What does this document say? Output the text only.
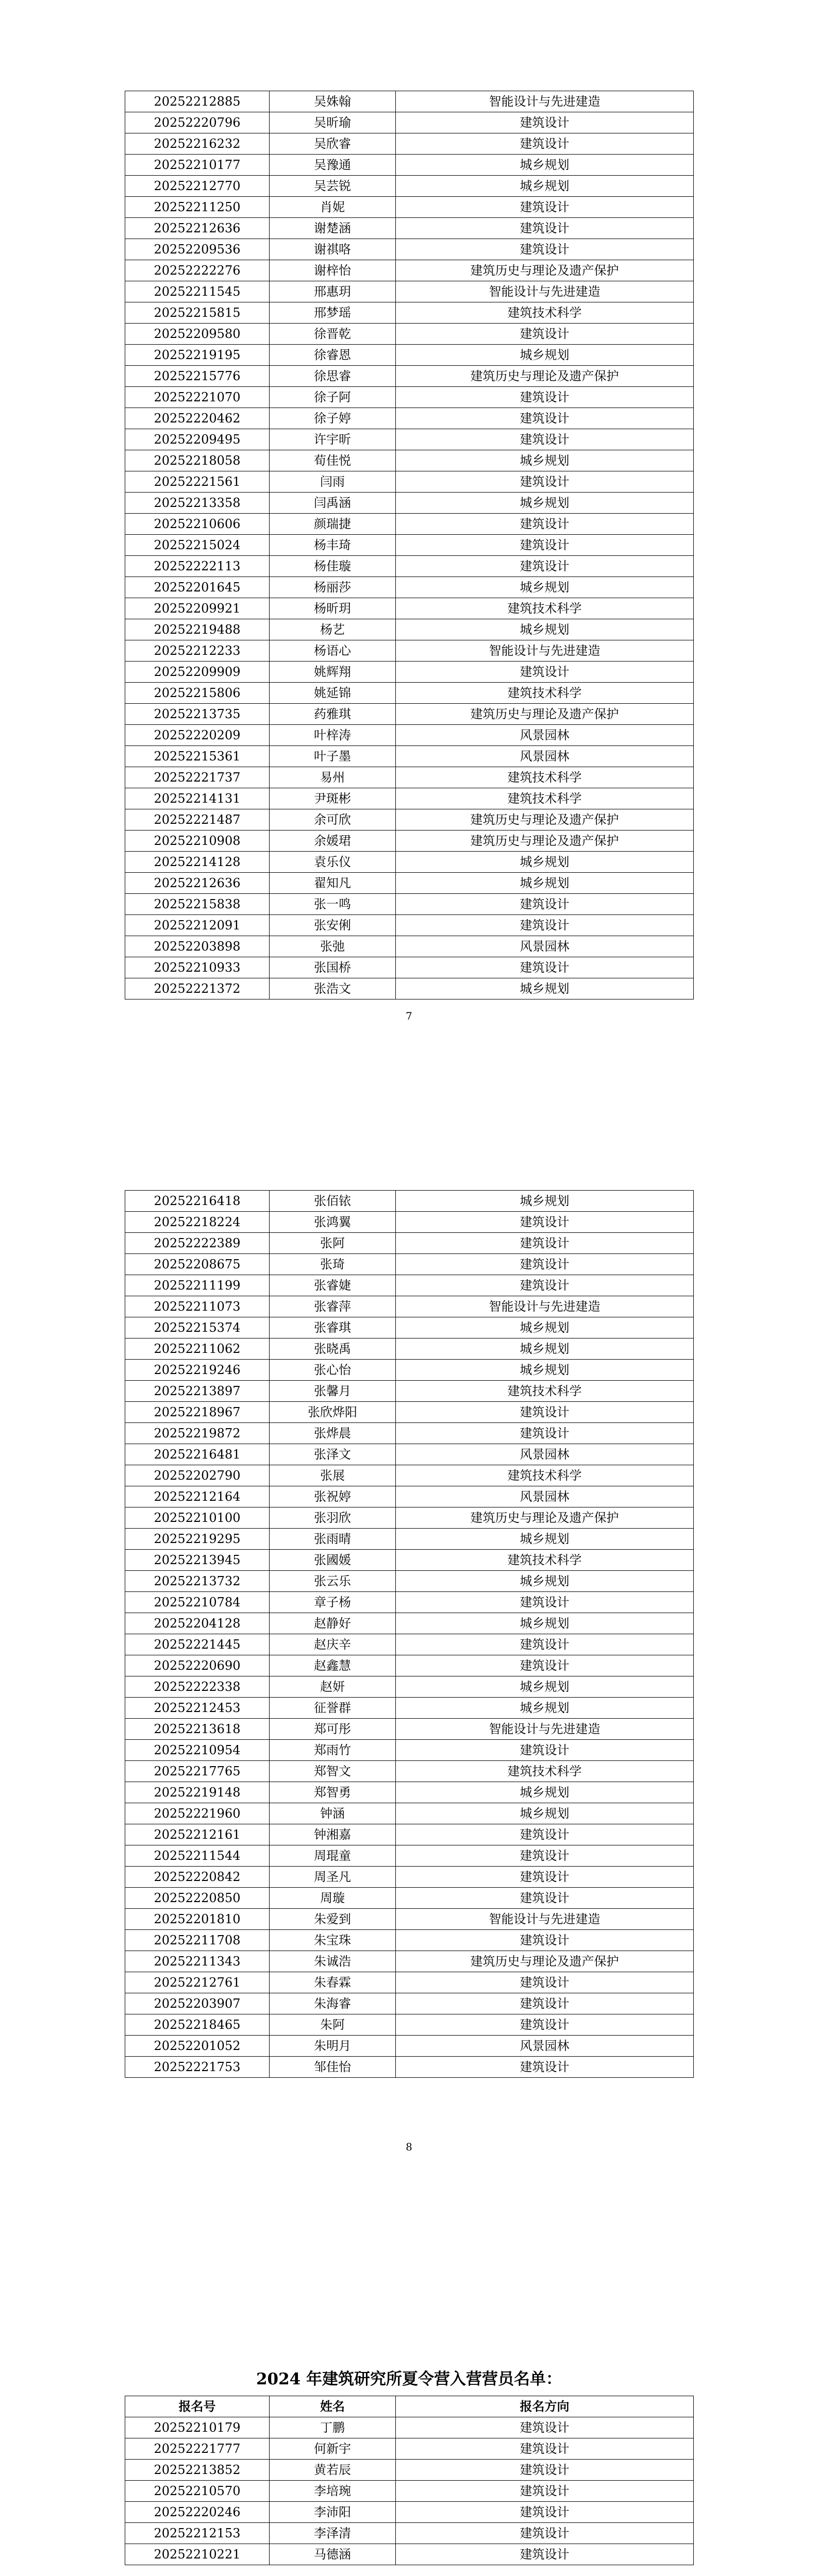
20252212885	吴姝翰	智能设计与先进建造
20252220796	吴昕瑜	建筑设计
20252216232	吴欣睿	建筑设计
20252210177	吴豫通	城乡规划
20252212770	吴芸锐	城乡规划
20252211250	肖妮	建筑设计
20252212636	谢楚涵	建筑设计
20252209536	谢祺咯	建筑设计
20252222276	谢梓怡	建筑历史与理论及遗产保护
20252211545	邢惠玥	智能设计与先进建造
20252215815	邢梦瑶	建筑技术科学
20252209580	徐晋乾	建筑设计
20252219195	徐睿恩	城乡规划
20252215776	徐思睿	建筑历史与理论及遗产保护
20252221070	徐子阿	建筑设计
20252220462	徐子婷	建筑设计
20252209495	许宇昕	建筑设计
20252218058	荀佳悦	城乡规划
20252221561	闫雨	建筑设计
20252213358	闫禹涵	城乡规划
20252210606	颜瑞捷	建筑设计
20252215024	杨丰琦	建筑设计
20252222113	杨佳璇	建筑设计
20252201645	杨丽莎	城乡规划
20252209921	杨昕玥	建筑技术科学
20252219488	杨艺	城乡规划
20252212233	杨语心	智能设计与先进建造
20252209909	姚辉翔	建筑设计
20252215806	姚延锦	建筑技术科学
20252213735	药雅琪	建筑历史与理论及遗产保护
20252220209	叶梓涛	风景园林
20252215361	叶子墨	风景园林
20252221737	易州	建筑技术科学
20252214131	尹斑彬	建筑技术科学
20252221487	余可欣	建筑历史与理论及遗产保护
20252210908	余媛珺	建筑历史与理论及遗产保护
20252214128	袁乐仪	城乡规划
20252212636	翟知凡	城乡规划
20252215838	张一鸣	建筑设计
20252212091	张安俐	建筑设计
20252203898	张弛	风景园林
20252210933	张国桥	建筑设计
20252221372	张浩文	城乡规划
7
20252216418	张佰铱	城乡规划
20252218224	张鸿翼	建筑设计
20252222389	张阿	建筑设计
20252208675	张琦	建筑设计
20252211199	张睿婕	建筑设计
20252211073	张睿萍	智能设计与先进建造
20252215374	张睿琪	城乡规划
20252211062	张晓禹	城乡规划
20252219246	张心怡	城乡规划
20252213897	张馨月	建筑技术科学
20252218967	张欣烨阳	建筑设计
20252219872	张烨晨	建筑设计
20252216481	张泽文	风景园林
20252202790	张展	建筑技术科学
20252212164	张祝婷	风景园林
20252210100	张羽欣	建筑历史与理论及遗产保护
20252219295	张雨晴	城乡规划
20252213945	张國媛	建筑技术科学
20252213732	张云乐	城乡规划
20252210784	章子杨	建筑设计
20252204128	赵静好	城乡规划
20252221445	赵庆辛	建筑设计
20252220690	赵鑫慧	建筑设计
20252222338	赵妍	城乡规划
20252212453	征誉群	城乡规划
20252213618	郑可彤	智能设计与先进建造
20252210954	郑雨竹	建筑设计
20252217765	郑智文	建筑技术科学
20252219148	郑智勇	城乡规划
20252221960	钟涵	城乡规划
20252212161	钟湘嘉	建筑设计
20252211544	周琨童	建筑设计
20252220842	周圣凡	建筑设计
20252220850	周璇	建筑设计
20252201810	朱爱到	智能设计与先进建造
20252211708	朱宝珠	建筑设计
20252211343	朱诚浩	建筑历史与理论及遗产保护
20252212761	朱春霖	建筑设计
20252203907	朱海睿	建筑设计
20252218465	朱阿	建筑设计
20252201052	朱明月	风景园林
20252221753	邹佳怡	建筑设计
8
2024 年建筑研究所夏令营入营营员名单：
报名号	姓名	报名方向
20252210179	丁鹏	建筑设计
20252221777	何新宇	建筑设计
20252213852	黄若辰	建筑设计
20252210570	李培琬	建筑设计
20252220246	李沛阳	建筑设计
20252212153	李泽清	建筑设计
20252210221	马德涵	建筑设计
